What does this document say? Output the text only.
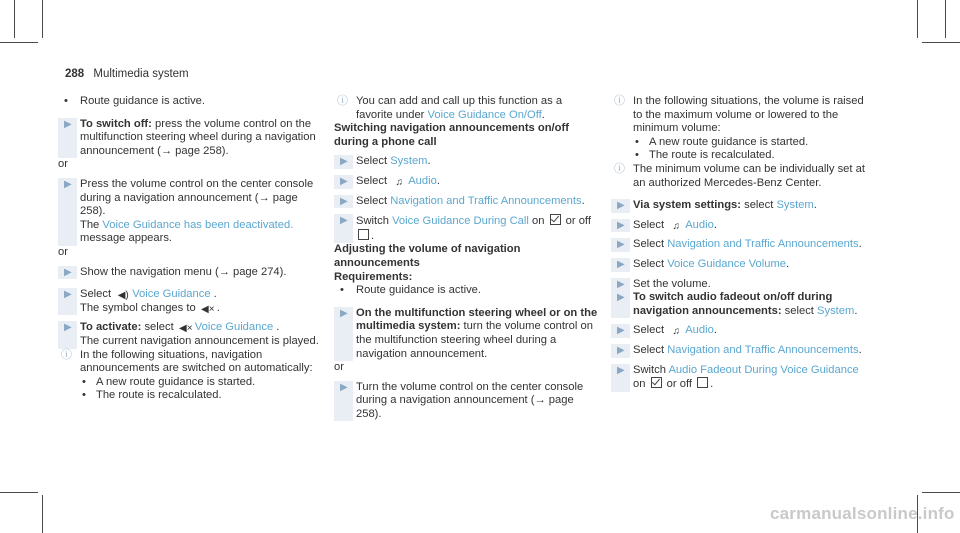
288 Multimedia system
• Route guidance is active.
▶ To switch off: press the volume control on the multifunction steering wheel during a navigation announcement (→ page 258).
or
▶ Press the volume control on the center console during a navigation announcement (→ page 258).
The Voice Guidance has been deactivated.
message appears.
or
▶ Show the navigation menu (→ page 274).
▶ Select ◀) Voice Guidance .
The symbol changes to ◀× .
▶ To activate: select ◀× Voice Guidance .
The current navigation announcement is played.
ⓘ In the following situations, navigation announcements are switched on automatically:
• A new route guidance is started.
• The route is recalculated.
ⓘ You can add and call up this function as a favorite under Voice Guidance On/Off.
Switching navigation announcements on/off during a phone call
▶ Select System.
▶ Select ♫ Audio.
▶ Select Navigation and Traffic Announcements.
▶ Switch Voice Guidance During Call on  or off .
Adjusting the volume of navigation announcements
Requirements:
• Route guidance is active.
▶ On the multifunction steering wheel or on the multimedia system: turn the volume control on the multifunction steering wheel during a navigation announcement.
or
▶ Turn the volume control on the center console during a navigation announcement (→ page 258).
ⓘ In the following situations, the volume is raised to the maximum volume or lowered to the minimum volume:
• A new route guidance is started.
• The route is recalculated.
ⓘ The minimum volume can be individually set at an authorized Mercedes-Benz Center.
▶ Via system settings: select System.
▶ Select ♫ Audio.
▶ Select Navigation and Traffic Announcements.
▶ Select Voice Guidance Volume.
▶ Set the volume.
▶ To switch audio fadeout on/off during navigation announcements: select System.
▶ Select ♫ Audio.
▶ Select Navigation and Traffic Announcements.
▶ Switch Audio Fadeout During Voice Guidance
on  or off .
carmanualsonline.info
